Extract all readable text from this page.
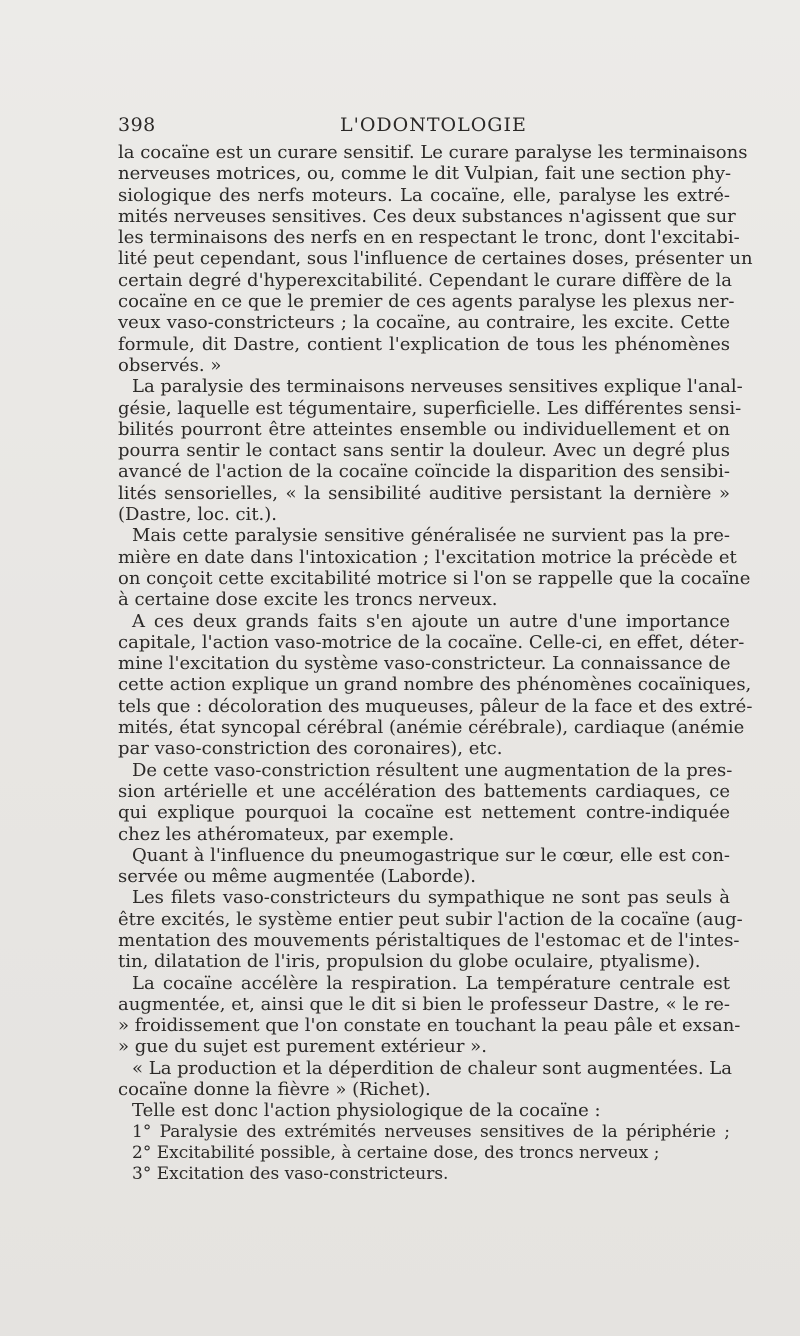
398	L'ODONTOLOGIE
la cocaïne est un curare sensitif. Le curare paralyse les terminaisons
nerveuses motrices, ou, comme le dit Vulpian, fait une section phy-
siologique des nerfs moteurs. La cocaïne, elle, paralyse les extré-
mités nerveuses sensitives. Ces deux substances n'agissent que sur
les terminaisons des nerfs en en respectant le tronc, dont l'excitabi-
lité peut cependant, sous l'influence de certaines doses, présenter un
certain degré d'hyperexcitabilité. Cependant le curare diffère de la
cocaïne en ce que le premier de ces agents paralyse les plexus ner-
veux vaso-constricteurs ; la cocaïne, au contraire, les excite. Cette
formule, dit Dastre, contient l'explication de tous les phénomènes
observés. »
La paralysie des terminaisons nerveuses sensitives explique l'anal-
gésie, laquelle est tégumentaire, superficielle. Les différentes sensi-
bilités pourront être atteintes ensemble ou individuellement et on
pourra sentir le contact sans sentir la douleur. Avec un degré plus
avancé de l'action de la cocaïne coïncide la disparition des sensibi-
lités sensorielles, « la sensibilité auditive persistant la dernière »
(Dastre, loc. cit.).
Mais cette paralysie sensitive généralisée ne survient pas la pre-
mière en date dans l'intoxication ; l'excitation motrice la précède et
on conçoit cette excitabilité motrice si l'on se rappelle que la cocaïne
à certaine dose excite les troncs nerveux.
A ces deux grands faits s'en ajoute un autre d'une importance
capitale, l'action vaso-motrice de la cocaïne. Celle-ci, en effet, déter-
mine l'excitation du système vaso-constricteur. La connaissance de
cette action explique un grand nombre des phénomènes cocaïniques,
tels que : décoloration des muqueuses, pâleur de la face et des extré-
mités, état syncopal cérébral (anémie cérébrale), cardiaque (anémie
par vaso-constriction des coronaires), etc.
De cette vaso-constriction résultent une augmentation de la pres-
sion artérielle et une accélération des battements cardiaques, ce
qui explique pourquoi la cocaïne est nettement contre-indiquée
chez les athéromateux, par exemple.
Quant à l'influence du pneumogastrique sur le cœur, elle est con-
servée ou même augmentée (Laborde).
Les filets vaso-constricteurs du sympathique ne sont pas seuls à
être excités, le système entier peut subir l'action de la cocaïne (aug-
mentation des mouvements péristaltiques de l'estomac et de l'intes-
tin, dilatation de l'iris, propulsion du globe oculaire, ptyalisme).
La cocaïne accélère la respiration. La température centrale est
augmentée, et, ainsi que le dit si bien le professeur Dastre, « le re-
» froidissement que l'on constate en touchant la peau pâle et exsan-
» gue du sujet est purement extérieur ».
« La production et la déperdition de chaleur sont augmentées. La
cocaïne donne la fièvre » (Richet).
Telle est donc l'action physiologique de la cocaïne :
1° Paralysie des extrémités nerveuses sensitives de la périphérie ;
2° Excitabilité possible, à certaine dose, des troncs nerveux ;
3° Excitation des vaso-constricteurs.
